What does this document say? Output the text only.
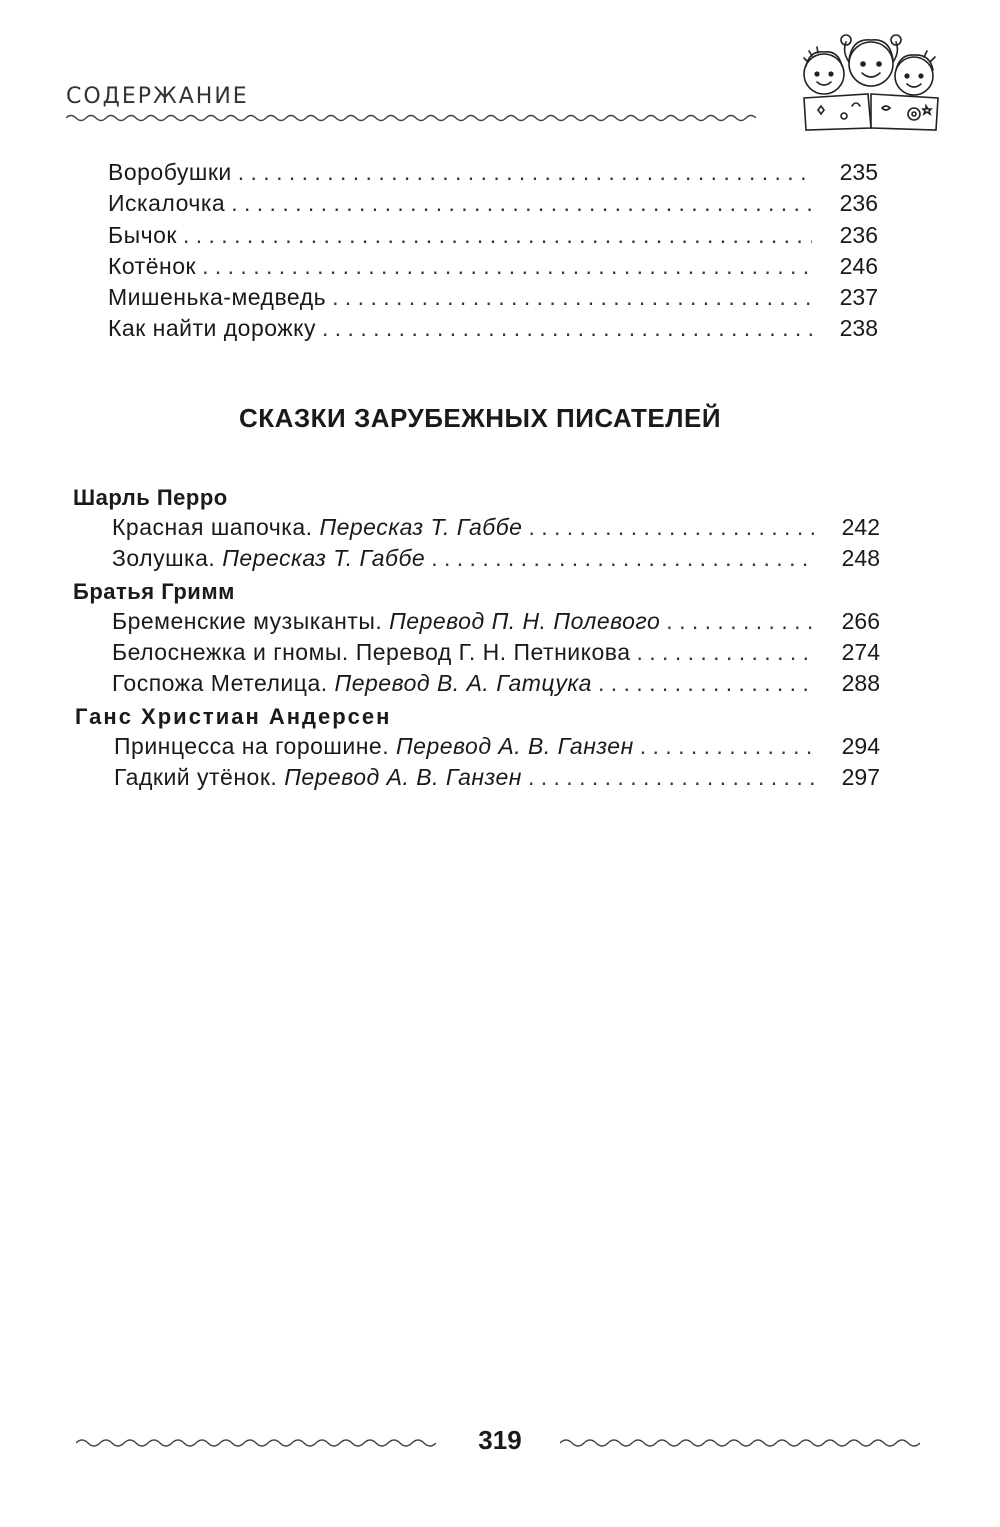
СОДЕРЖАНИЕ
Воробушки . . .	235
Искалочка . . .	236
Бычок . . .	236
Котёнок . . .	246
Мишенька-медведь . . .	237
Как найти дорожку . . .	238
СКАЗКИ ЗАРУБЕЖНЫХ ПИСАТЕЛЕЙ
Шарль Перро
Красная шапочка. Пересказ Т. Габбе . . .	242
Золушка. Пересказ Т. Габбе . . .	248
Братья Гримм
Бременские музыканты. Перевод П. Н. Полевого . . .	266
Белоснежка и гномы. Перевод Г. Н. Петникова . . .	274
Госпожа Метелица. Перевод В. А. Гатцука . . .	288
Ганс Христиан Андерсен
Принцесса на горошине. Перевод А. В. Ганзен . . .	294
Гадкий утёнок. Перевод А. В. Ганзен . . .	297
319
